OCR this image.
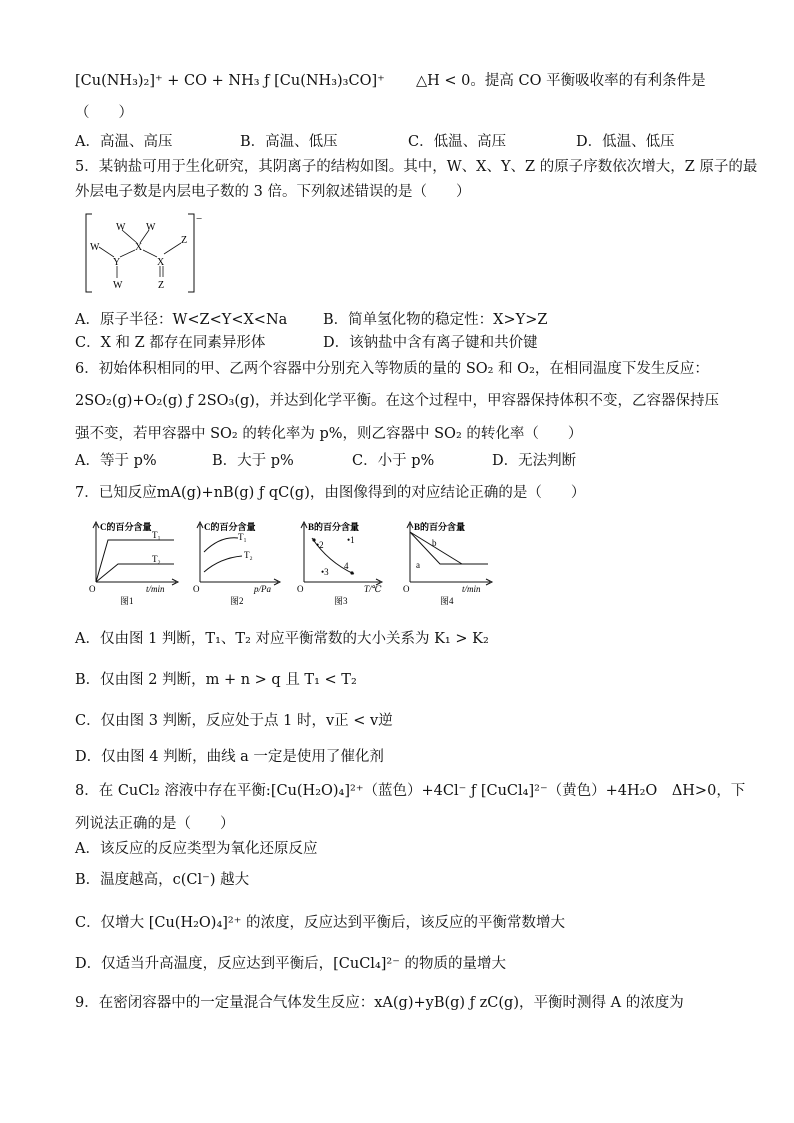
[Cu(NH₃)₂]⁺ + CO + NH₃ ƒ [Cu(NH₃)₃CO]⁺ △H < 0。提高 CO 平衡吸收率的有利条件是
（　　）
A．高温、高压	B．高温、低压	C．低温、高压	D．低温、低压
5．某钠盐可用于生化研究，其阴离子的结构如图。其中，W、X、Y、Z 的原子序数依次增大，Z 原子的最
外层电子数是内层电子数的 3 倍。下列叙述错误的是（　　）
−
W W
W
Y
X
X
Z
Z
W
A．原子半径：W<Z<Y<X<Na B．简单氢化物的稳定性：X>Y>Z
C．X 和 Z 都存在同素异形体	D．该钠盐中含有离子键和共价键
6．初始体积相同的甲、乙两个容器中分别充入等物质的量的 SO₂ 和 O₂，在相同温度下发生反应：
2SO₂(g)+O₂(g) ƒ 2SO₃(g)，并达到化学平衡。在这个过程中，甲容器保持体积不变，乙容器保持压
强不变，若甲容器中 SO₂ 的转化率为 p%，则乙容器中 SO₂ 的转化率（　　）
A．等于 p%	B．大于 p%	C．小于 p%	D．无法判断
7．已知反应mA(g)+nB(g) ƒ qC(g)，由图像得到的对应结论正确的是（　　）
C的百分含量
T₁
T₂
O	t/min
图1
C的百分含量
T₁
T₂
O	p/Pa
图2
B的百分含量
•1
•2
•3
4
O	T/℃
图3
B的百分含量
a
b
O	t/min
图4
A．仅由图 1 判断，T₁、T₂ 对应平衡常数的大小关系为 K₁ > K₂
B．仅由图 2 判断，m + n > q 且 T₁ < T₂
C．仅由图 3 判断，反应处于点 1 时，v正 < v逆
D．仅由图 4 判断，曲线 a 一定是使用了催化剂
8．在 CuCl₂ 溶液中存在平衡:[Cu(H₂O)₄]²⁺（蓝色）+4Cl⁻ ƒ [CuCl₄]²⁻（黄色）+4H₂O　ΔH>0，下
列说法正确的是（　　）
A．该反应的反应类型为氧化还原反应
B．温度越高，c(Cl⁻) 越大
C．仅增大 [Cu(H₂O)₄]²⁺ 的浓度，反应达到平衡后，该反应的平衡常数增大
D．仅适当升高温度，反应达到平衡后，[CuCl₄]²⁻ 的物质的量增大
9．在密闭容器中的一定量混合气体发生反应：xA(g)+yB(g) ƒ zC(g)，平衡时测得 A 的浓度为
